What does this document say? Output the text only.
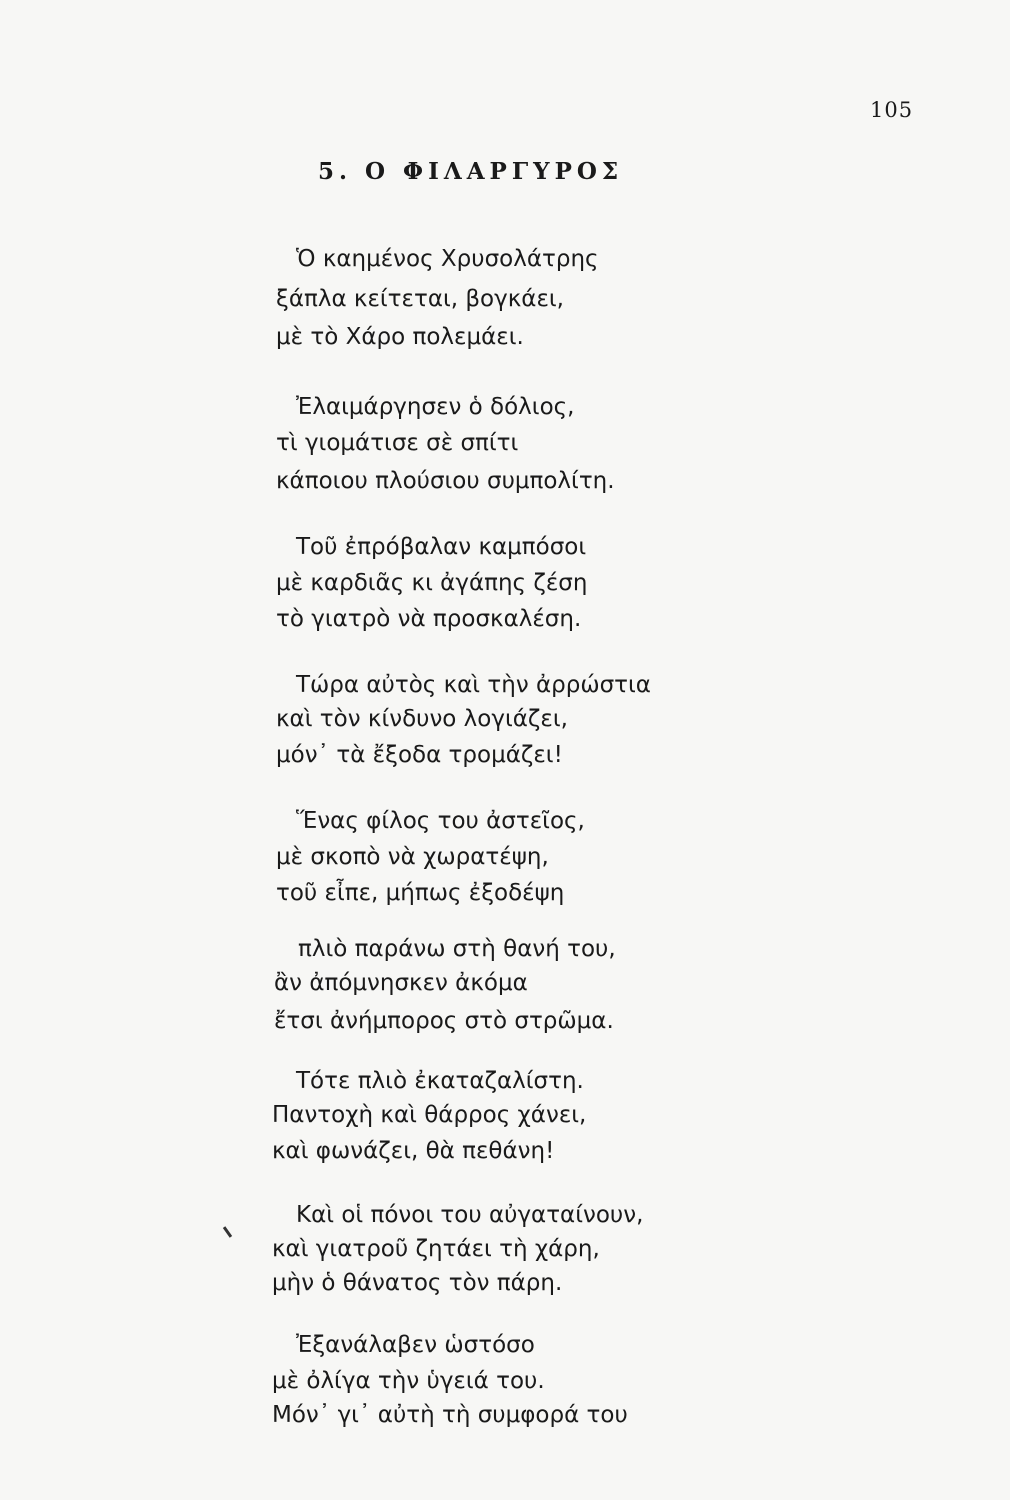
105
5. Ο ΦΙΛΑΡΓΥΡΟΣ
Ὁ καημένος Χρυσολάτρης
ξάπλα κείτεται, βογκάει,
μὲ τὸ Χάρο πολεμάει.
Ἐλαιμάργησεν ὁ δόλιος,
τὶ γιομάτισε σὲ σπίτι
κάποιου πλούσιου συμπολίτη.
Τοῦ ἐπρόβαλαν καμπόσοι
μὲ καρδιᾶς κι ἀγάπης ζέση
τὸ γιατρὸ νὰ προσκαλέση.
Τώρα αὐτὸς καὶ τὴν ἀρρώστια
καὶ τὸν κίνδυνο λογιάζει,
μόν᾽ τὰ ἔξοδα τρομάζει!
Ἕνας φίλος του ἀστεῖος,
μὲ σκοπὸ νὰ χωρατέψη,
τοῦ εἶπε, μήπως ἐξοδέψη
πλιὸ παράνω στὴ θανή του,
ἂν ἀπόμνησκεν ἀκόμα
ἔτσι ἀνήμπορος στὸ στρῶμα.
Τότε πλιὸ ἐκαταζαλίστη.
Παντοχὴ καὶ θάρρος χάνει,
καὶ φωνάζει, θὰ πεθάνη!
Καὶ οἱ πόνοι του αὐγαταίνουν,
καὶ γιατροῦ ζητάει τὴ χάρη,
μὴν ὁ θάνατος τὸν πάρη.
Ἐξανάλαβεν ὡστόσο
μὲ ὀλίγα τὴν ὑγειά του.
Μόν᾽ γι᾽ αὐτὴ τὴ συμφορά του
